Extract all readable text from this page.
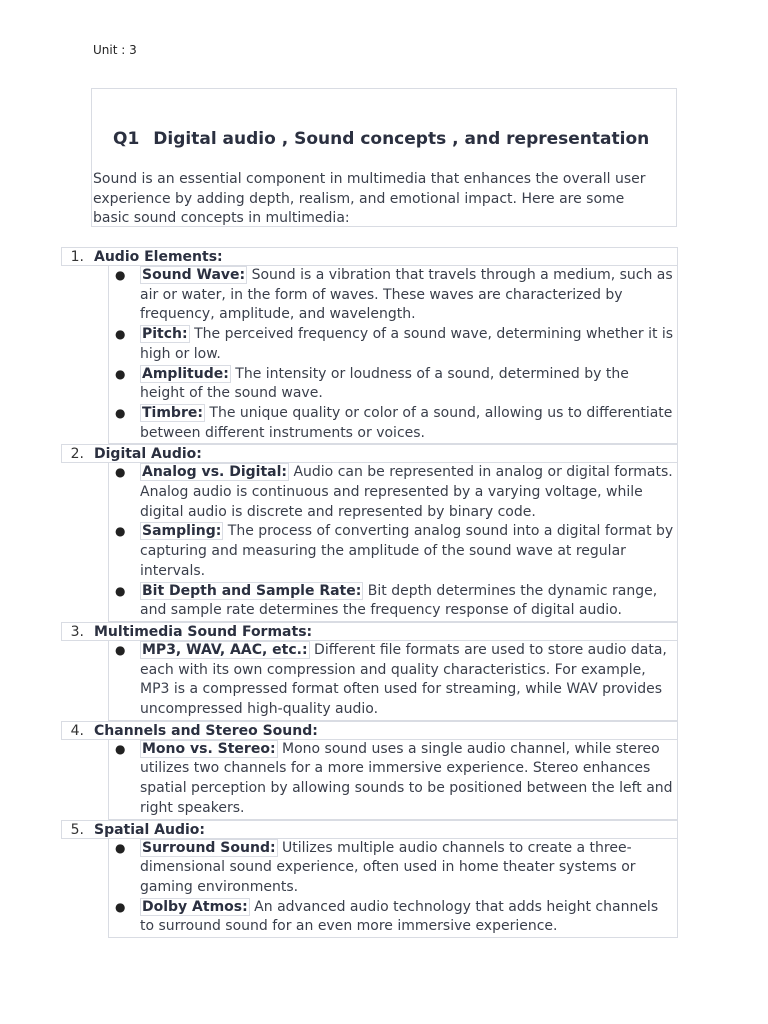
Unit : 3
Q1 Digital audio , Sound concepts , and representation
Sound is an essential component in multimedia that enhances the overall user experience by adding depth, realism, and emotional impact. Here are some basic sound concepts in multimedia:
1. Audio Elements:
● Sound Wave: Sound is a vibration that travels through a medium, such as air or water, in the form of waves. These waves are characterized by frequency, amplitude, and wavelength.
● Pitch: The perceived frequency of a sound wave, determining whether it is high or low.
● Amplitude: The intensity or loudness of a sound, determined by the height of the sound wave.
● Timbre: The unique quality or color of a sound, allowing us to differentiate between different instruments or voices.
2. Digital Audio:
● Analog vs. Digital: Audio can be represented in analog or digital formats. Analog audio is continuous and represented by a varying voltage, while digital audio is discrete and represented by binary code.
● Sampling: The process of converting analog sound into a digital format by capturing and measuring the amplitude of the sound wave at regular intervals.
● Bit Depth and Sample Rate: Bit depth determines the dynamic range, and sample rate determines the frequency response of digital audio.
3. Multimedia Sound Formats:
● MP3, WAV, AAC, etc.: Different file formats are used to store audio data, each with its own compression and quality characteristics. For example, MP3 is a compressed format often used for streaming, while WAV provides uncompressed high-quality audio.
4. Channels and Stereo Sound:
● Mono vs. Stereo: Mono sound uses a single audio channel, while stereo utilizes two channels for a more immersive experience. Stereo enhances spatial perception by allowing sounds to be positioned between the left and right speakers.
5. Spatial Audio:
● Surround Sound: Utilizes multiple audio channels to create a three-dimensional sound experience, often used in home theater systems or gaming environments.
● Dolby Atmos: An advanced audio technology that adds height channels to surround sound for an even more immersive experience.
